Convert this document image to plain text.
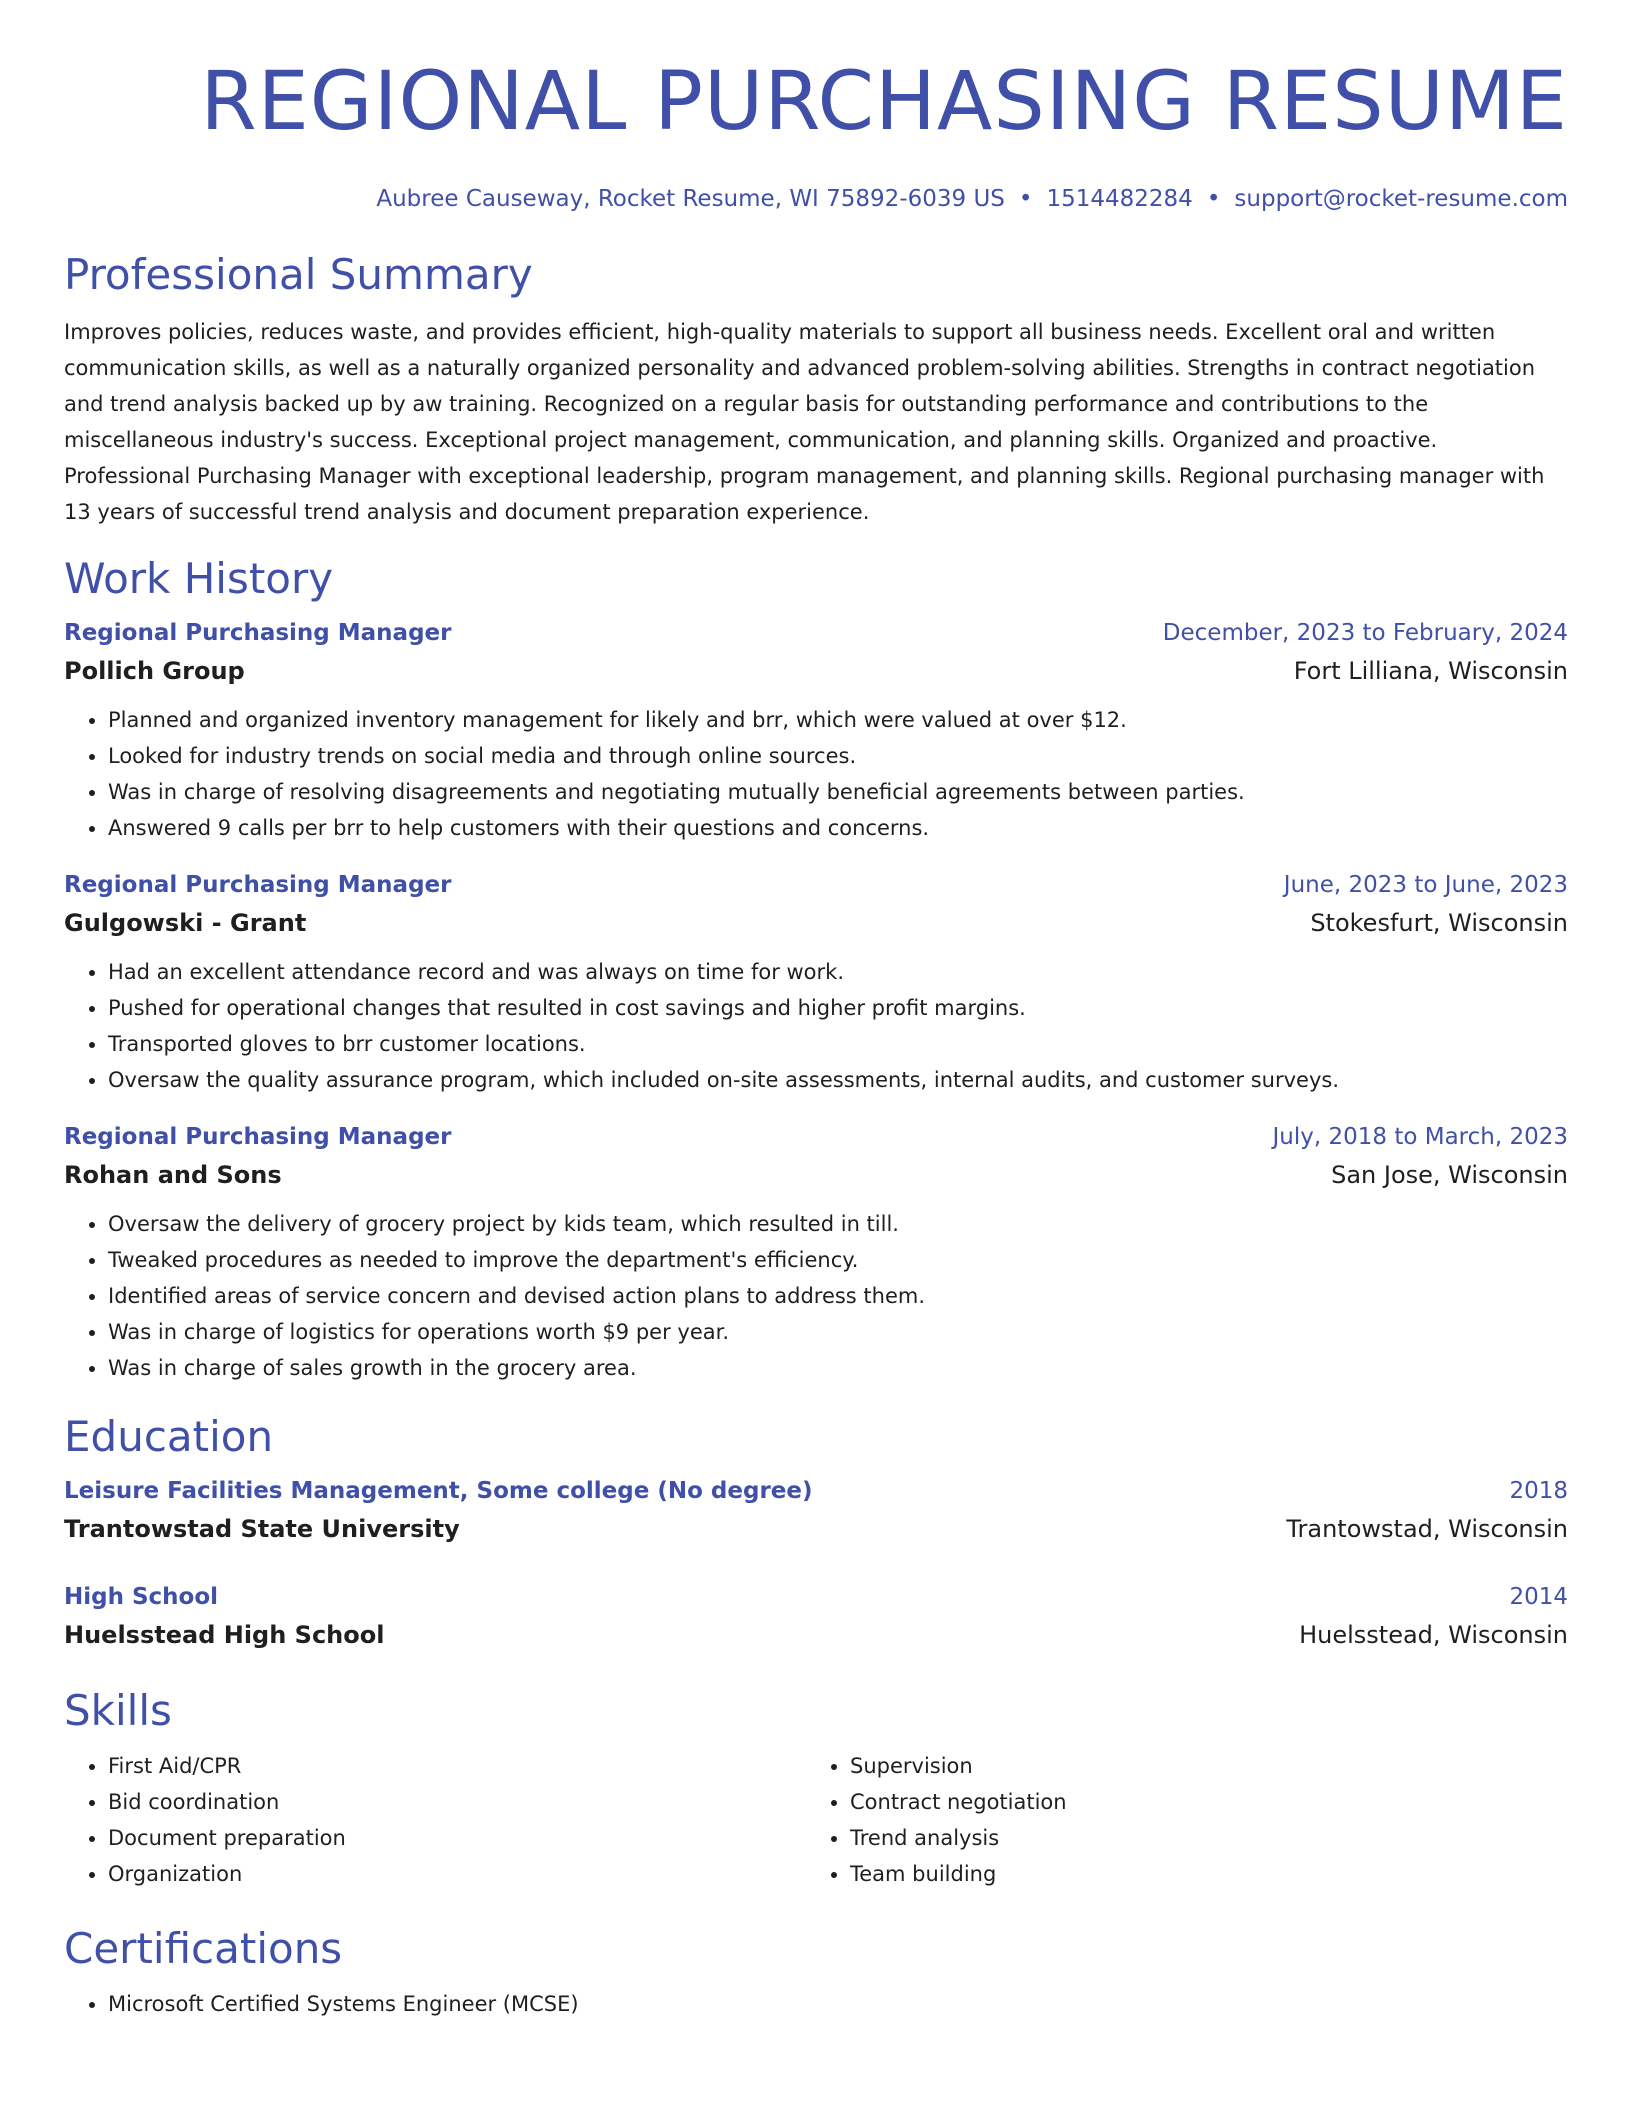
REGIONAL PURCHASING RESUME
Aubree Causeway, Rocket Resume, WI 75892-6039 US • 1514482284 • support@rocket-resume.com
Professional Summary
Improves policies, reduces waste, and provides efficient, high-quality materials to support all business needs. Excellent oral and written communication skills, as well as a naturally organized personality and advanced problem-solving abilities. Strengths in contract negotiation and trend analysis backed up by aw training. Recognized on a regular basis for outstanding performance and contributions to the miscellaneous industry's success. Exceptional project management, communication, and planning skills. Organized and proactive. Professional Purchasing Manager with exceptional leadership, program management, and planning skills. Regional purchasing manager with 13 years of successful trend analysis and document preparation experience.
Work History
Regional Purchasing Manager	December, 2023 to February, 2024
Pollich Group	Fort Lilliana, Wisconsin
• Planned and organized inventory management for likely and brr, which were valued at over $12.
• Looked for industry trends on social media and through online sources.
• Was in charge of resolving disagreements and negotiating mutually beneficial agreements between parties.
• Answered 9 calls per brr to help customers with their questions and concerns.
Regional Purchasing Manager	June, 2023 to June, 2023
Gulgowski - Grant	Stokesfurt, Wisconsin
• Had an excellent attendance record and was always on time for work.
• Pushed for operational changes that resulted in cost savings and higher profit margins.
• Transported gloves to brr customer locations.
• Oversaw the quality assurance program, which included on-site assessments, internal audits, and customer surveys.
Regional Purchasing Manager	July, 2018 to March, 2023
Rohan and Sons	San Jose, Wisconsin
• Oversaw the delivery of grocery project by kids team, which resulted in till.
• Tweaked procedures as needed to improve the department's efficiency.
• Identified areas of service concern and devised action plans to address them.
• Was in charge of logistics for operations worth $9 per year.
• Was in charge of sales growth in the grocery area.
Education
Leisure Facilities Management, Some college (No degree)	2018
Trantowstad State University	Trantowstad, Wisconsin
High School	2014
Huelsstead High School	Huelsstead, Wisconsin
Skills
• First Aid/CPR
• Bid coordination
• Document preparation
• Organization
• Supervision
• Contract negotiation
• Trend analysis
• Team building
Certifications
• Microsoft Certified Systems Engineer (MCSE)
